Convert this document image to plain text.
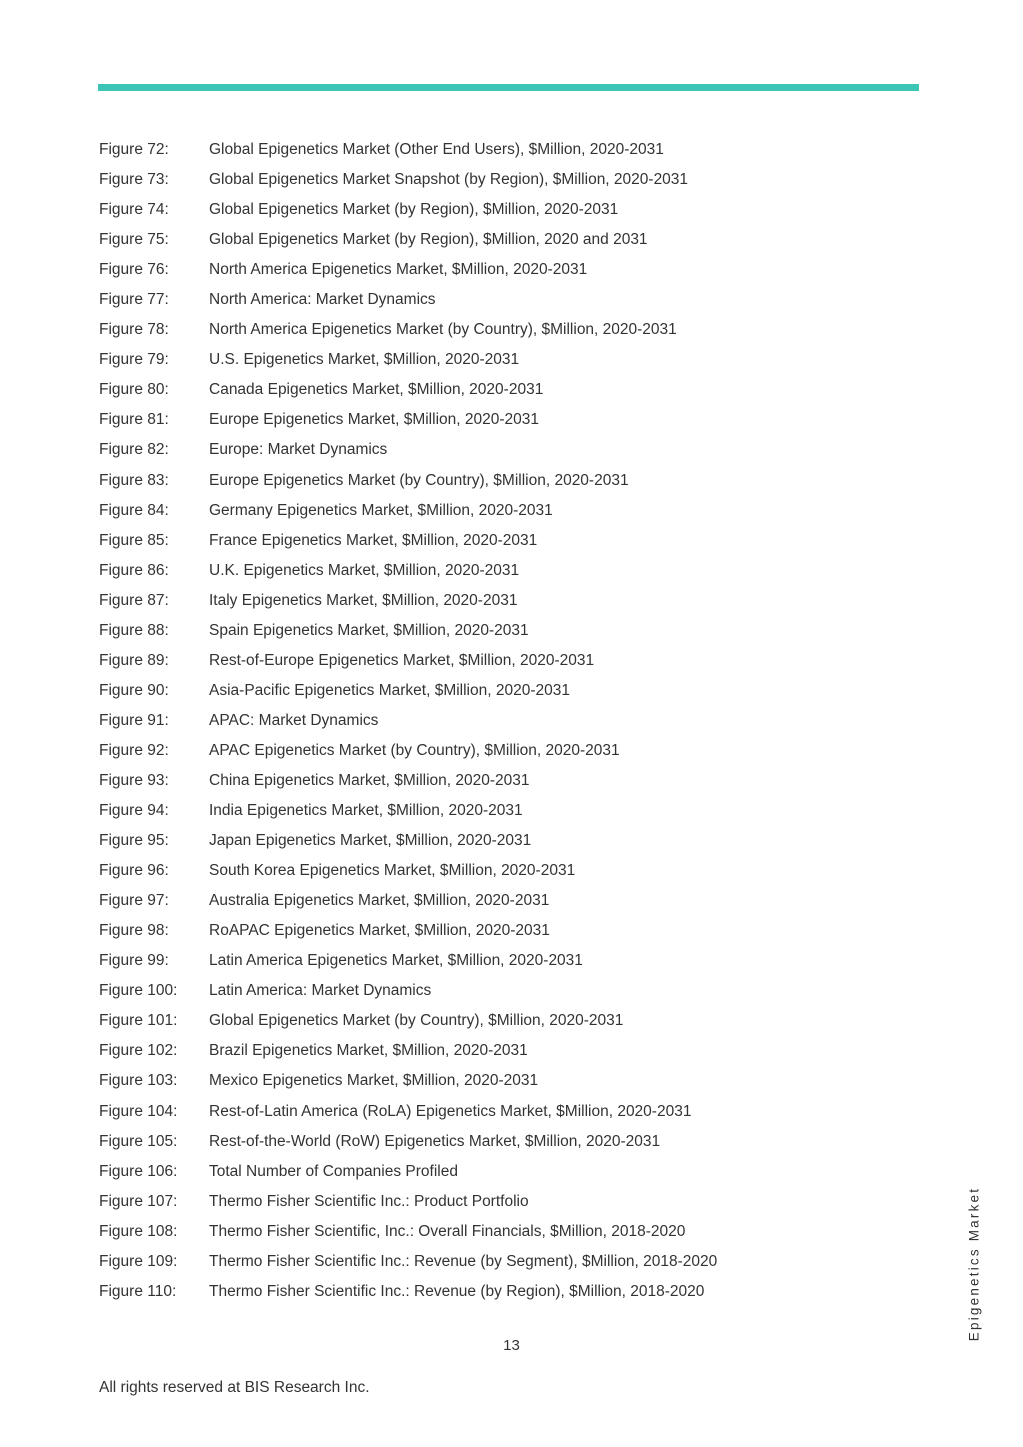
Figure 72:	Global Epigenetics Market (Other End Users), $Million, 2020-2031
Figure 73:	Global Epigenetics Market Snapshot (by Region), $Million, 2020-2031
Figure 74:	Global Epigenetics Market (by Region), $Million, 2020-2031
Figure 75:	Global Epigenetics Market (by Region), $Million, 2020 and 2031
Figure 76:	North America Epigenetics Market, $Million, 2020-2031
Figure 77:	North America: Market Dynamics
Figure 78:	North America Epigenetics Market (by Country), $Million, 2020-2031
Figure 79:	U.S. Epigenetics Market, $Million, 2020-2031
Figure 80:	Canada Epigenetics Market, $Million, 2020-2031
Figure 81:	Europe Epigenetics Market, $Million, 2020-2031
Figure 82:	Europe: Market Dynamics
Figure 83:	Europe Epigenetics Market (by Country), $Million, 2020-2031
Figure 84:	Germany Epigenetics Market, $Million, 2020-2031
Figure 85:	France Epigenetics Market, $Million, 2020-2031
Figure 86:	U.K. Epigenetics Market, $Million, 2020-2031
Figure 87:	Italy Epigenetics Market, $Million, 2020-2031
Figure 88:	Spain Epigenetics Market, $Million, 2020-2031
Figure 89:	Rest-of-Europe Epigenetics Market, $Million, 2020-2031
Figure 90:	Asia-Pacific Epigenetics Market, $Million, 2020-2031
Figure 91:	APAC: Market Dynamics
Figure 92:	APAC Epigenetics Market (by Country), $Million, 2020-2031
Figure 93:	China Epigenetics Market, $Million, 2020-2031
Figure 94:	India Epigenetics Market, $Million, 2020-2031
Figure 95:	Japan Epigenetics Market, $Million, 2020-2031
Figure 96:	South Korea Epigenetics Market, $Million, 2020-2031
Figure 97:	Australia Epigenetics Market, $Million, 2020-2031
Figure 98:	RoAPAC Epigenetics Market, $Million, 2020-2031
Figure 99:	Latin America Epigenetics Market, $Million, 2020-2031
Figure 100:	Latin America: Market Dynamics
Figure 101:	Global Epigenetics Market (by Country), $Million, 2020-2031
Figure 102:	Brazil Epigenetics Market, $Million, 2020-2031
Figure 103:	Mexico Epigenetics Market, $Million, 2020-2031
Figure 104:	Rest-of-Latin America (RoLA) Epigenetics Market, $Million, 2020-2031
Figure 105:	Rest-of-the-World (RoW) Epigenetics Market, $Million, 2020-2031
Figure 106:	Total Number of Companies Profiled
Figure 107:	Thermo Fisher Scientific Inc.: Product Portfolio
Figure 108:	Thermo Fisher Scientific, Inc.: Overall Financials, $Million, 2018-2020
Figure 109:	Thermo Fisher Scientific Inc.: Revenue (by Segment), $Million, 2018-2020
Figure 110:	Thermo Fisher Scientific Inc.: Revenue (by Region), $Million, 2018-2020
13
All rights reserved at BIS Research Inc.
Epigenetics Market
